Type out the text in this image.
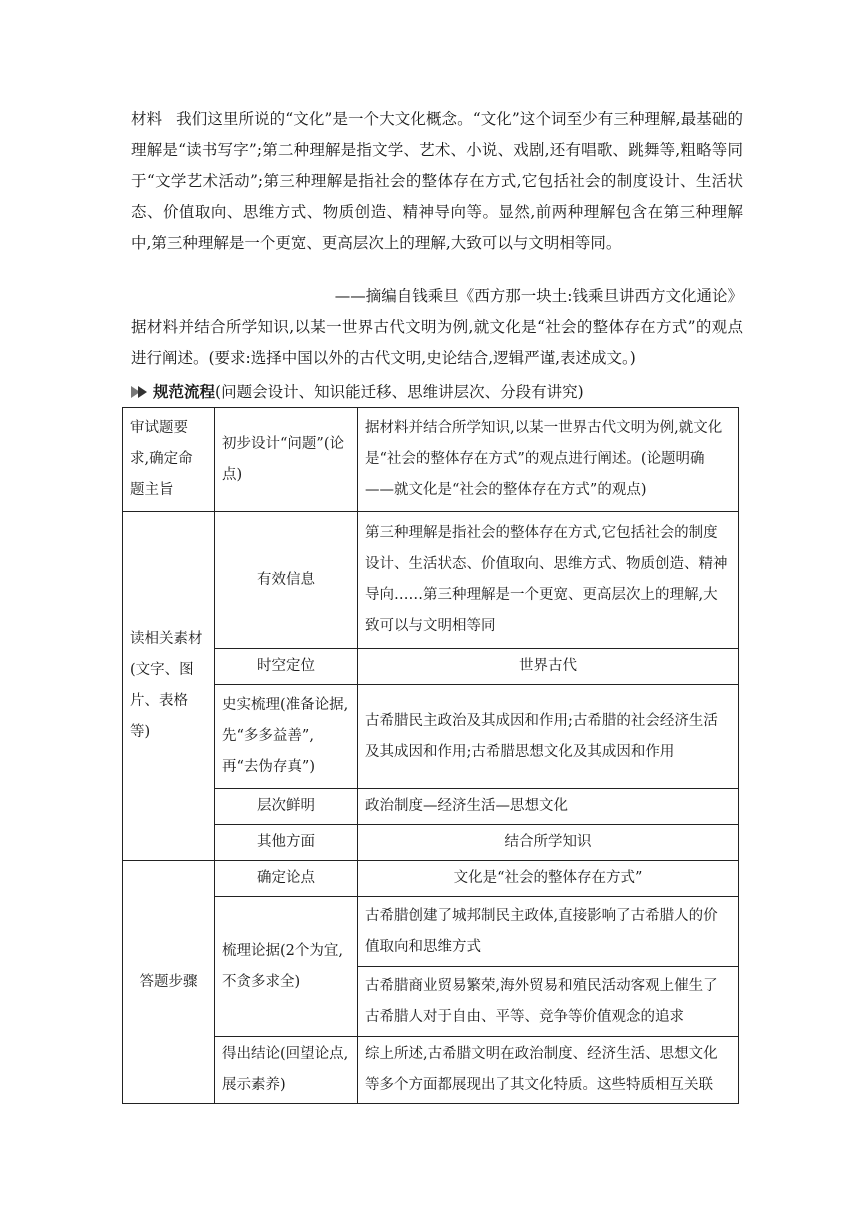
材料 我们这里所说的“文化”是一个大文化概念。“文化”这个词至少有三种理解,最基础的理解是“读书写字”;第二种理解是指文学、艺术、小说、戏剧,还有唱歌、跳舞等,粗略等同于“文学艺术活动”;第三种理解是指社会的整体存在方式,它包括社会的制度设计、生活状态、价值取向、思维方式、物质创造、精神导向等。显然,前两种理解包含在第三种理解中,第三种理解是一个更宽、更高层次上的理解,大致可以与文明相等同。
——摘编自钱乘旦《西方那一块土:钱乘旦讲西方文化通论》
据材料并结合所学知识,以某一世界古代文明为例,就文化是“社会的整体存在方式”的观点进行阐述。(要求:选择中国以外的古代文明,史论结合,逻辑严谨,表述成文。)
规范流程 (问题会设计、知识能迁移、思维讲层次、分段有讲究)
审试题要求,确定命题主旨	初步设计“问题”(论点)	据材料并结合所学知识,以某一世界古代文明为例,就文化是“社会的整体存在方式”的观点进行阐述。(论题明确——就文化是“社会的整体存在方式”的观点)
读相关素材(文字、图片、表格等)	有效信息	第三种理解是指社会的整体存在方式,它包括社会的制度设计、生活状态、价值取向、思维方式、物质创造、精神导向……第三种理解是一个更宽、更高层次上的理解,大致可以与文明相等同
	时空定位	世界古代
	史实梳理(准备论据,先“多多益善”,再“去伪存真”)	古希腊民主政治及其成因和作用;古希腊的社会经济生活及其成因和作用;古希腊思想文化及其成因和作用
	层次鲜明	政治制度—经济生活—思想文化
	其他方面	结合所学知识
答题步骤	确定论点	文化是“社会的整体存在方式”
	梳理论据(2个为宜,不贪多求全)	古希腊创建了城邦制民主政体,直接影响了古希腊人的价值取向和思维方式
		古希腊商业贸易繁荣,海外贸易和殖民活动客观上催生了古希腊人对于自由、平等、竞争等价值观念的追求
	得出结论(回望论点,展示素养)	综上所述,古希腊文明在政治制度、经济生活、思想文化等多个方面都展现出了其文化特质。这些特质相互关联
